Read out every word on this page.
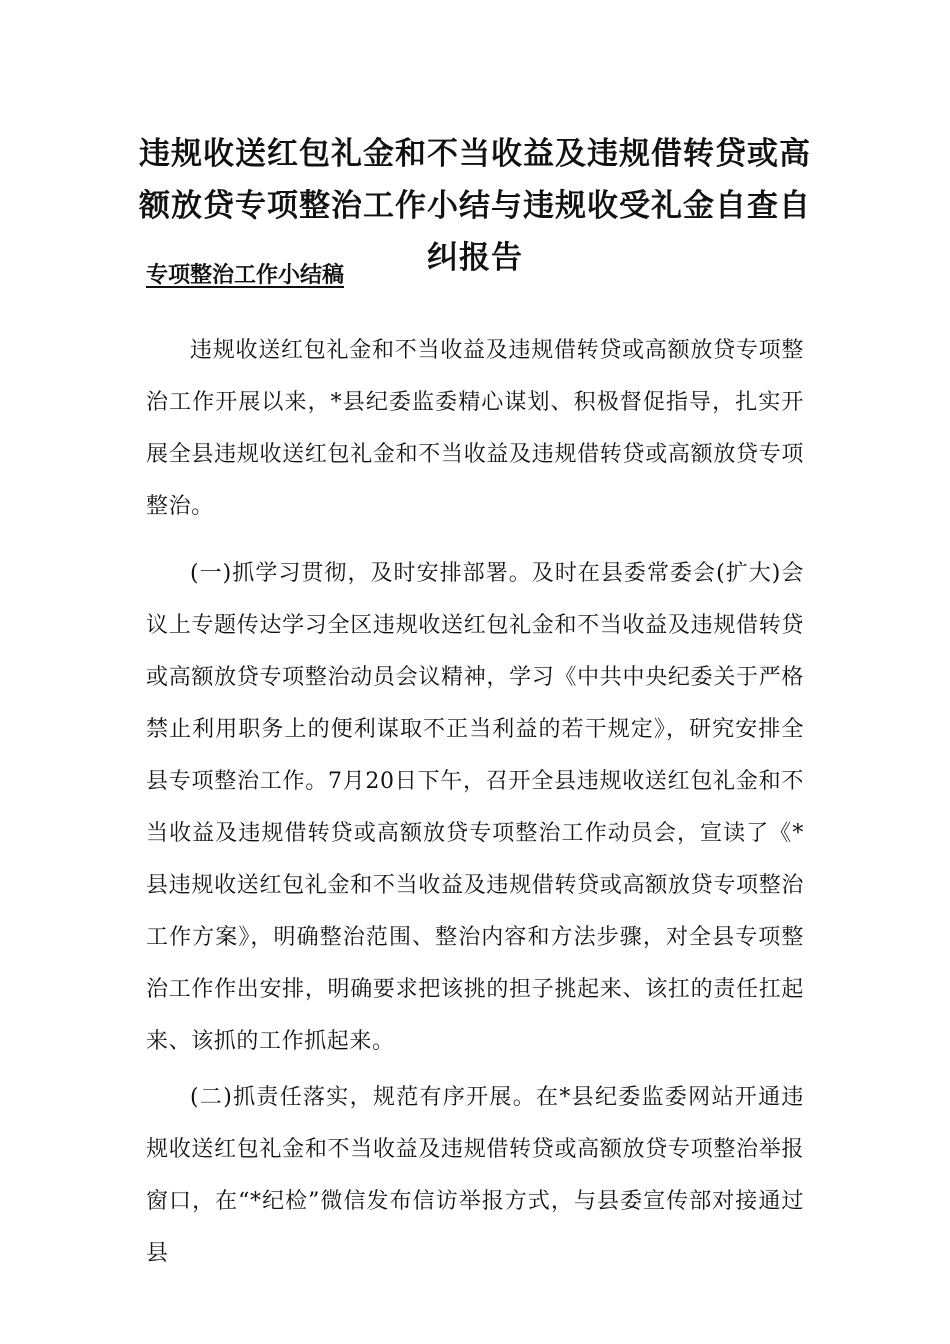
违规收送红包礼金和不当收益及违规借转贷或高额放贷专项整治工作小结与违规收受礼金自查自纠报告
专项整治工作小结稿

违规收送红包礼金和不当收益及违规借转贷或高额放贷专项整治工作开展以来，*县纪委监委精心谋划、积极督促指导，扎实开展全县违规收送红包礼金和不当收益及违规借转贷或高额放贷专项整治。

(一)抓学习贯彻，及时安排部署。及时在县委常委会(扩大)会议上专题传达学习全区违规收送红包礼金和不当收益及违规借转贷或高额放贷专项整治动员会议精神，学习《中共中央纪委关于严格禁止利用职务上的便利谋取不正当利益的若干规定》，研究安排全县专项整治工作。7月20日下午，召开全县违规收送红包礼金和不当收益及违规借转贷或高额放贷专项整治工作动员会，宣读了《*县违规收送红包礼金和不当收益及违规借转贷或高额放贷专项整治工作方案》，明确整治范围、整治内容和方法步骤，对全县专项整治工作作出安排，明确要求把该挑的担子挑起来、该扛的责任扛起来、该抓的工作抓起来。

(二)抓责任落实，规范有序开展。在*县纪委监委网站开通违规收送红包礼金和不当收益及违规借转贷或高额放贷专项整治举报窗口，在“*纪检”微信发布信访举报方式，与县委宣传部对接通过县
